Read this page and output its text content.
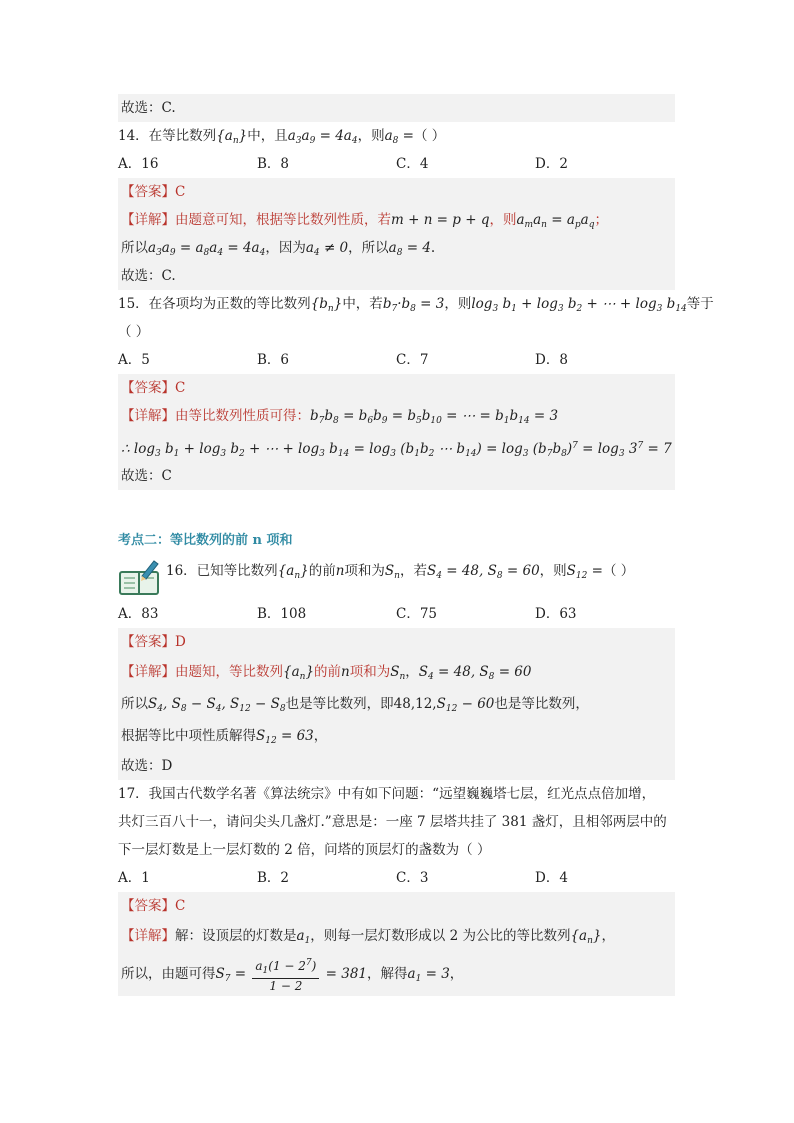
故选：C.
14．在等比数列$\{a_n\}$中，且$a_3a_9 = 4a_4$，则$a_8$ =（ ）
A．16	B．8	C．4	D．2
【答案】C
【详解】由题意可知，根据等比数列性质，若m + n = p + q，则$a_ma_n = a_pa_q$；
所以$a_3a_9 = a_8a_4 = 4a_4$，因为$a_4 \ne 0$，所以$a_8 = 4$.
故选：C.
15．在各项均为正数的等比数列$\{b_n\}$中，若$b_7\cdot b_8 = 3$，则$\log_3 b_1 + \log_3 b_2$ + ⋯ + $\log_3 b_{14}$等于
（ ）
A．5	B．6	C．7	D．8
【答案】C
【详解】由等比数列性质可得：$b_7b_8 = b_6b_9 = b_5b_{10}$ = ⋯ = $b_1b_{14} = 3$
∴ $\log_3 b_1 + \log_3 b_2$ + ⋯ + $\log_3 b_{14} = \log_3 (b_1b_2$ ⋯ $b_{14}) = \log_3 (b_7b_8)^7 = \log_3 3^7 = 7$
故选：C
考点二：等比数列的前 n 项和
16．已知等比数列$\{a_n\}$的前n项和为$S_n$，若$S_4 = 48$, $S_8 = 60$，则$S_{12}$ =（ ）
A．83	B．108	C．75	D．63
【答案】D
【详解】由题知，等比数列$\{a_n\}$的前n项和为$S_n$，$S_4 = 48$, $S_8 = 60$
所以$S_4$, $S_8 - S_4$, $S_{12} - S_8$也是等比数列，即$48,12,S_{12} - 60$也是等比数列，
根据等比中项性质解得$S_{12} = 63$，
故选：D
17．我国古代数学名著《算法统宗》中有如下问题：“远望巍巍塔七层，红光点点倍加增，
共灯三百八十一，请问尖头几盏灯.”意思是：一座 7 层塔共挂了 381 盏灯，且相邻两层中的
下一层灯数是上一层灯数的 2 倍，问塔的顶层灯的盏数为（ ）
A．1	B．2	C．3	D．4
【答案】C
【详解】解：设顶层的灯数是$a_1$，则每一层灯数形成以 2 为公比的等比数列$\{a_n\}$，
所以，由题可得$S_7 = \frac{a_1(1 - 2^7)}{1 - 2} = 381$，解得$a_1 = 3$，
